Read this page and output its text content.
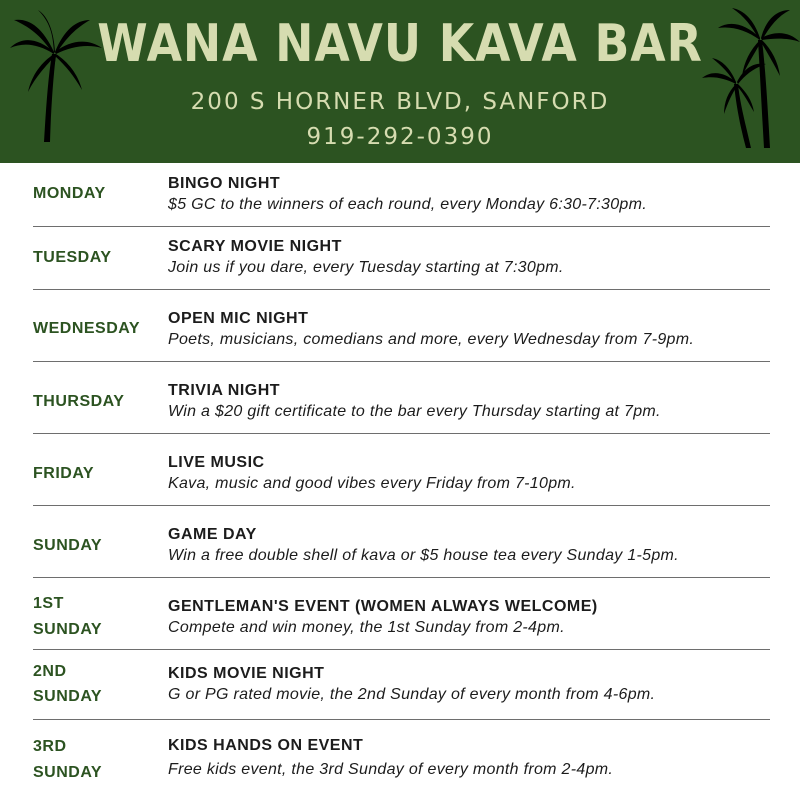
WANA NAVU KAVA BAR
200 S HORNER BLVD, SANFORD
919-292-0390
MONDAY
BINGO NIGHT
$5 GC to the winners of each round, every Monday 6:30-7:30pm.
TUESDAY
SCARY MOVIE NIGHT
Join us if you dare, every Tuesday starting at 7:30pm.
WEDNESDAY
OPEN MIC NIGHT
Poets, musicians, comedians and more, every Wednesday from 7-9pm.
THURSDAY
TRIVIA NIGHT
Win a $20 gift certificate to the bar every Thursday starting at 7pm.
FRIDAY
LIVE MUSIC
Kava, music and good vibes every Friday from 7-10pm.
SUNDAY
GAME DAY
Win a free double shell of kava or $5 house tea every Sunday 1-5pm.
1ST
SUNDAY
GENTLEMAN'S EVENT (WOMEN ALWAYS WELCOME)
Compete and win money, the 1st Sunday from 2-4pm.
2ND
SUNDAY
KIDS MOVIE NIGHT
G or PG rated movie, the 2nd Sunday of every month from 4-6pm.
3RD
SUNDAY
KIDS HANDS ON EVENT
Free kids event, the 3rd Sunday of every month from 2-4pm.
